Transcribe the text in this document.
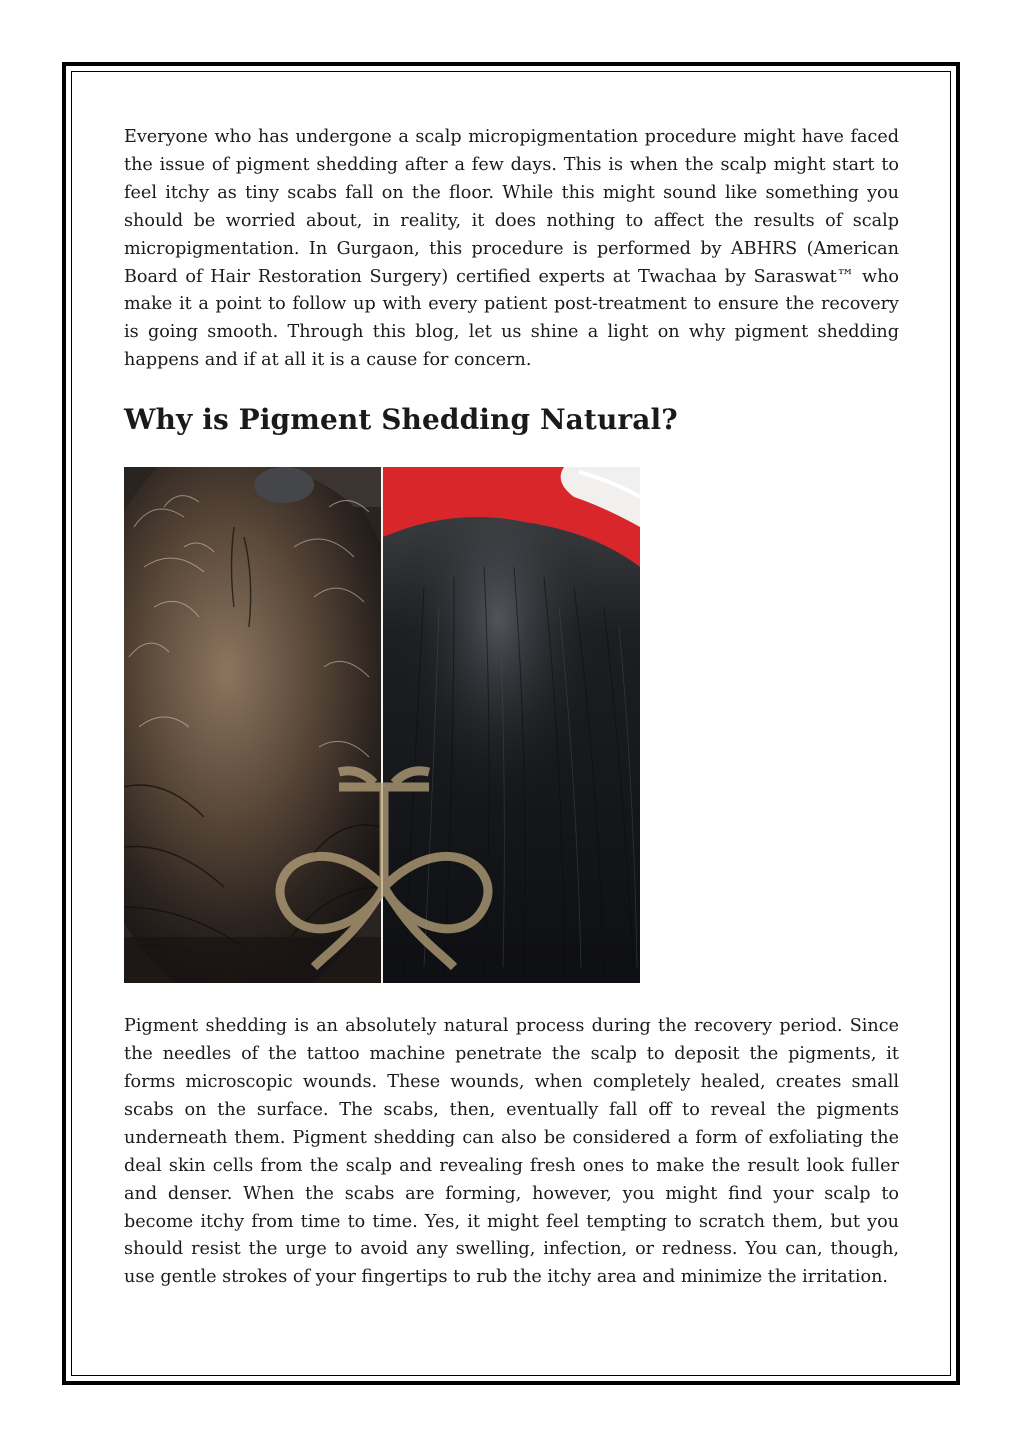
Everyone who has undergone a scalp micropigmentation procedure might have faced the issue of pigment shedding after a few days. This is when the scalp might start to feel itchy as tiny scabs fall on the floor. While this might sound like something you should be worried about, in reality, it does nothing to affect the results of scalp micropigmentation. In Gurgaon, this procedure is performed by ABHRS (American Board of Hair Restoration Surgery) certified experts at Twachaa by Saraswat™ who make it a point to follow up with every patient post-treatment to ensure the recovery is going smooth. Through this blog, let us shine a light on why pigment shedding happens and if at all it is a cause for concern.

Why is Pigment Shedding Natural?

Pigment shedding is an absolutely natural process during the recovery period. Since the needles of the tattoo machine penetrate the scalp to deposit the pigments, it forms microscopic wounds. These wounds, when completely healed, creates small scabs on the surface. The scabs, then, eventually fall off to reveal the pigments underneath them. Pigment shedding can also be considered a form of exfoliating the deal skin cells from the scalp and revealing fresh ones to make the result look fuller and denser. When the scabs are forming, however, you might find your scalp to become itchy from time to time. Yes, it might feel tempting to scratch them, but you should resist the urge to avoid any swelling, infection, or redness. You can, though, use gentle strokes of your fingertips to rub the itchy area and minimize the irritation.
